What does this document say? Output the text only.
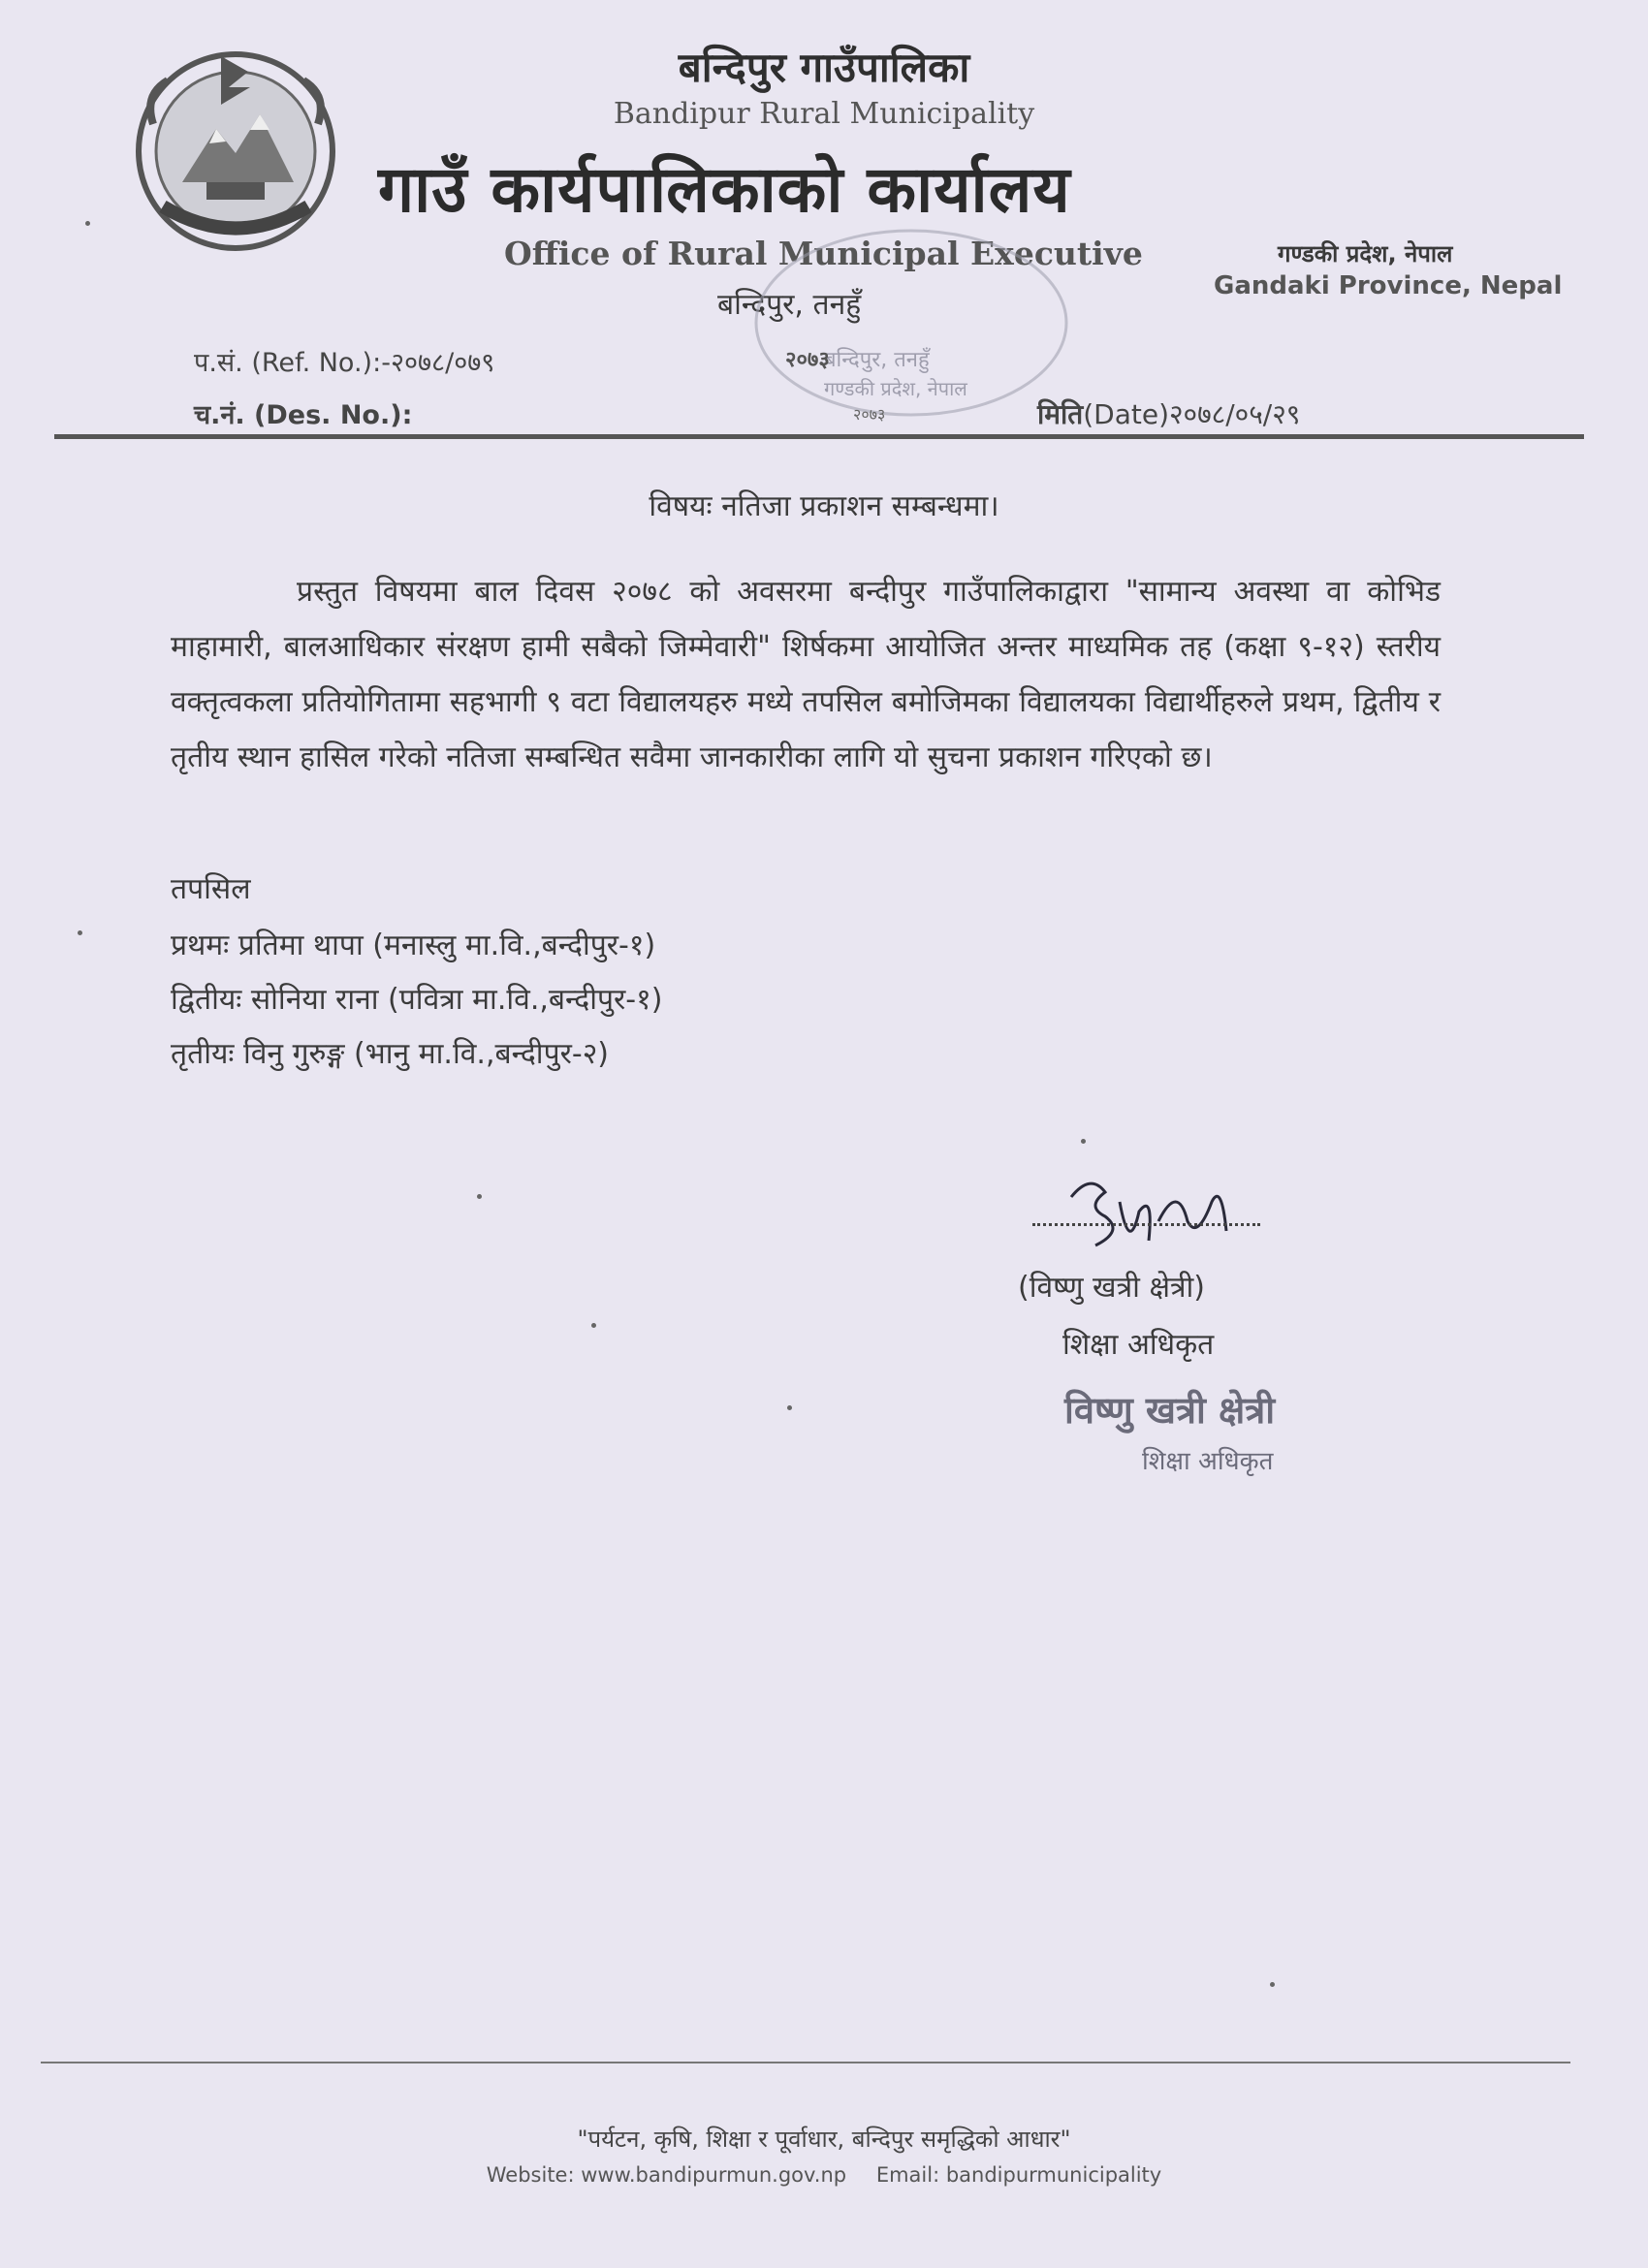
बन्दिपुर गाउँपालिका
Bandipur Rural Municipality
गाउँ कार्यपालिकाको कार्यालय
Office of Rural Municipal Executive
बन्दिपुर, तनहुँ
गण्डकी प्रदेश, नेपाल
Gandaki Province, Nepal
बन्दिपुर, तनहुँ
गण्डकी प्रदेश, नेपाल
२०७३
२०७३
प.सं. (Ref. No.):-२०७८/०७९
च.नं. (Des. No.):	मिति(Date)२०७८/०५/२९
विषयः नतिजा प्रकाशन सम्बन्धमा।
प्रस्तुत विषयमा बाल दिवस २०७८ को अवसरमा बन्दीपुर गाउँपालिकाद्वारा "सामान्य अवस्था वा कोभिड माहामारी, बालआधिकार संरक्षण हामी सबैको जिम्मेवारी" शिर्षकमा आयोजित अन्तर माध्यमिक तह (कक्षा ९-१२) स्तरीय वक्तृत्वकला प्रतियोगितामा सहभागी ९ वटा विद्यालयहरु मध्ये तपसिल बमोजिमका विद्यालयका विद्यार्थीहरुले प्रथम, द्वितीय र तृतीय स्थान हासिल गरेको नतिजा सम्बन्धित सवैमा जानकारीका लागि यो सुचना प्रकाशन गरिएको छ।
तपसिल
प्रथमः प्रतिमा थापा (मनास्लु मा.वि.,बन्दीपुर-१)
द्वितीयः सोनिया राना (पवित्रा मा.वि.,बन्दीपुर-१)
तृतीयः विनु गुरुङ्ग (भानु मा.वि.,बन्दीपुर-२)
(विष्णु खत्री क्षेत्री)
शिक्षा अधिकृत
विष्णु खत्री क्षेत्री
शिक्षा अधिकृत
"पर्यटन, कृषि, शिक्षा र पूर्वाधार, बन्दिपुर समृद्धिको आधार"
Website: www.bandipurmun.gov.np Email: bandipurmunicipality
